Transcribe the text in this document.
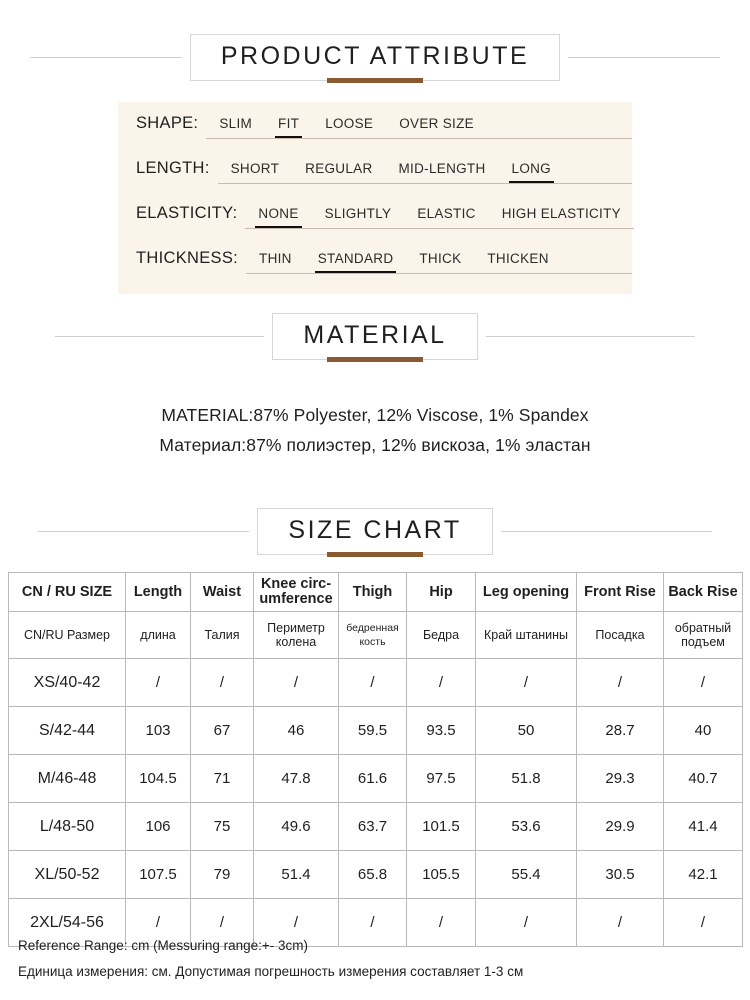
PRODUCT ATTRIBUTE
SHAPE:	SLIM	FIT	LOOSE	OVER SIZE
LENGTH:	SHORT	REGULAR	MID-LENGTH	LONG
ELASTICITY:	NONE	SLIGHTLY	ELASTIC	HIGH ELASTICITY
THICKNESS:	THIN	STANDARD	THICK	THICKEN
MATERIAL
MATERIAL:87% Polyester, 12% Viscose, 1% Spandex
Материал:87% полиэстер, 12% вискоза, 1% эластан
SIZE CHART
CN / RU SIZE	Length	Waist	Knee circ-umference	Thigh	Hip	Leg opening	Front Rise	Back Rise
CN/RU Размер	длина	Талия	Периметр колена	бедренная кость	Бедра	Край штанины	Посадка	обратный подъем
XS/40-42	/	/	/	/	/	/	/	/
S/42-44	103	67	46	59.5	93.5	50	28.7	40
M/46-48	104.5	71	47.8	61.6	97.5	51.8	29.3	40.7
L/48-50	106	75	49.6	63.7	101.5	53.6	29.9	41.4
XL/50-52	107.5	79	51.4	65.8	105.5	55.4	30.5	42.1
2XL/54-56	/	/	/	/	/	/	/	/
Reference Range: cm (Messuring range:+- 3cm)
Единица измерения: см. Допустимая погрешность измерения составляет 1-3 см
